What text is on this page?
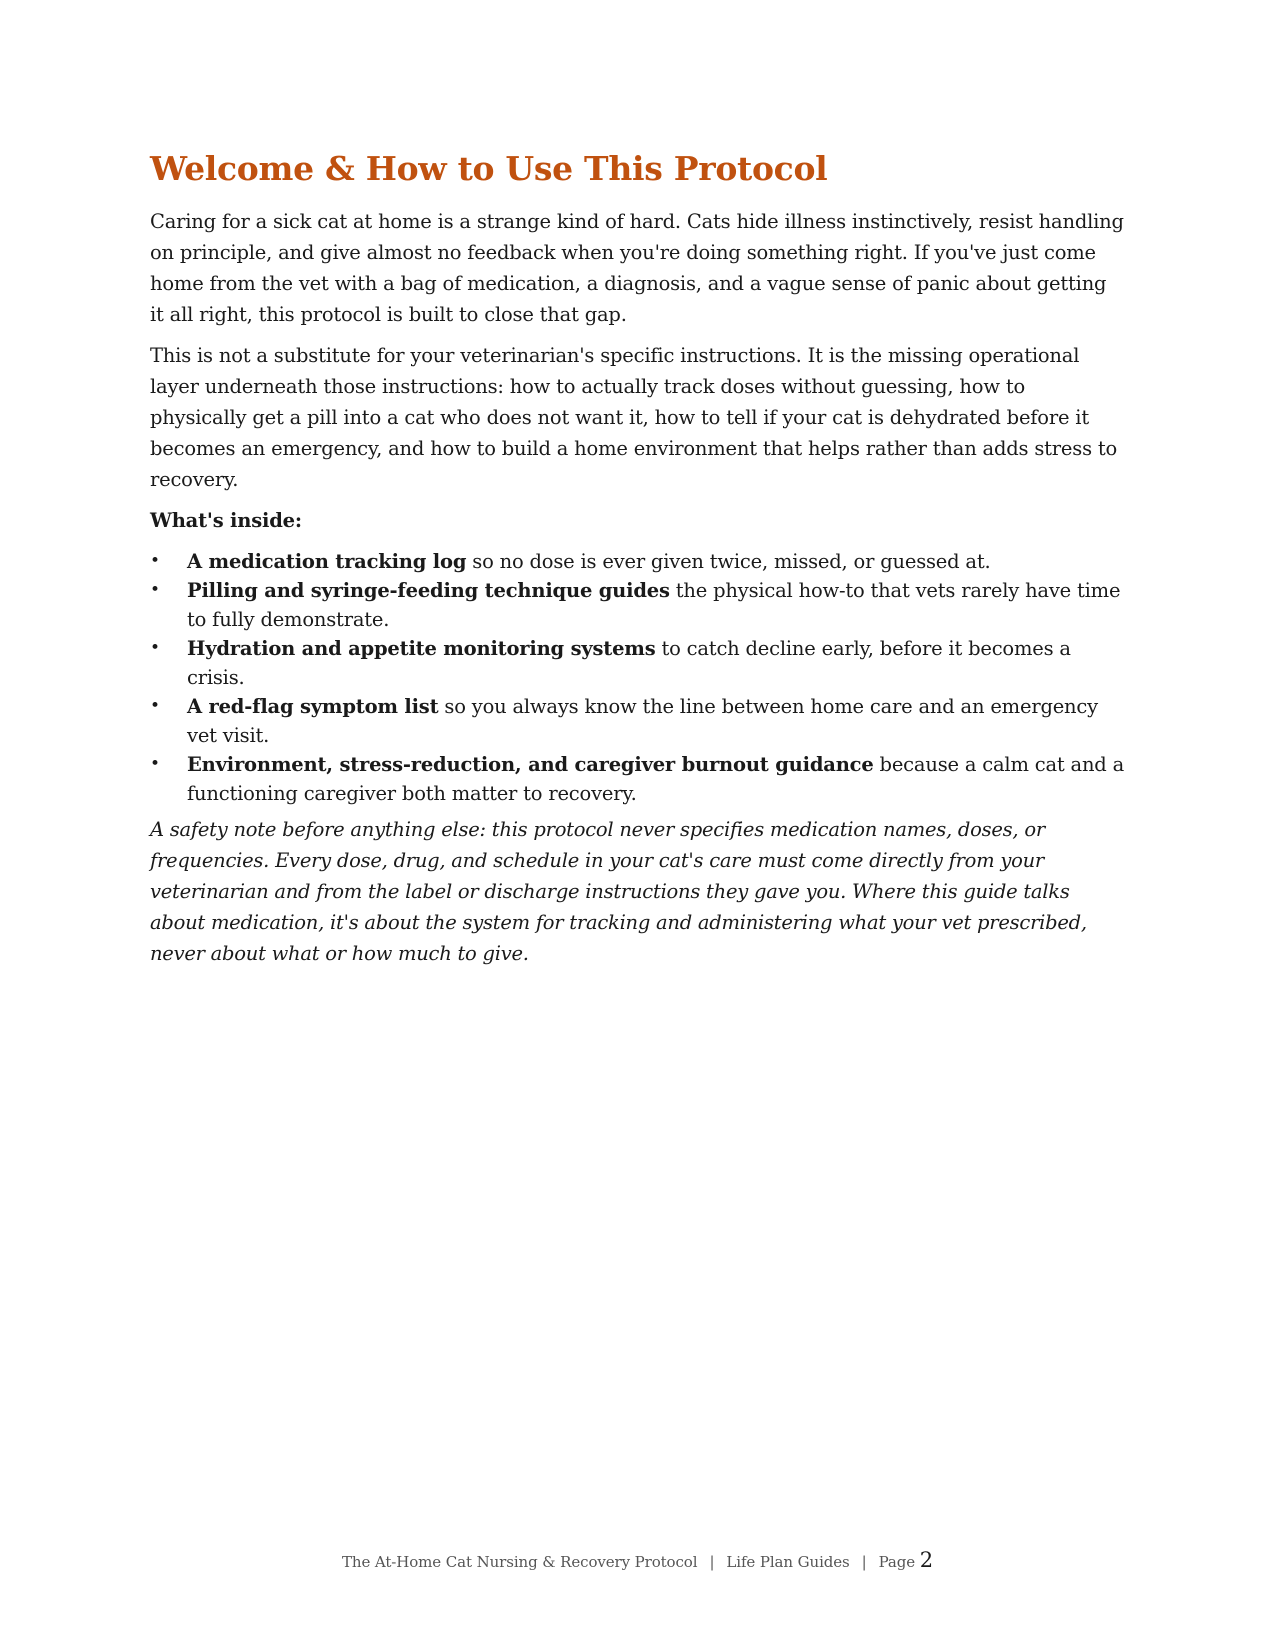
Welcome & How to Use This Protocol

Caring for a sick cat at home is a strange kind of hard. Cats hide illness instinctively, resist handling on principle, and give almost no feedback when you're doing something right. If you've just come home from the vet with a bag of medication, a diagnosis, and a vague sense of panic about getting it all right, this protocol is built to close that gap.

This is not a substitute for your veterinarian's specific instructions. It is the missing operational layer underneath those instructions: how to actually track doses without guessing, how to physically get a pill into a cat who does not want it, how to tell if your cat is dehydrated before it becomes an emergency, and how to build a home environment that helps rather than adds stress to recovery.

What's inside:

• A medication tracking log so no dose is ever given twice, missed, or guessed at.
• Pilling and syringe-feeding technique guides the physical how-to that vets rarely have time to fully demonstrate.
• Hydration and appetite monitoring systems to catch decline early, before it becomes a crisis.
• A red-flag symptom list so you always know the line between home care and an emergency vet visit.
• Environment, stress-reduction, and caregiver burnout guidance because a calm cat and a functioning caregiver both matter to recovery.

A safety note before anything else: this protocol never specifies medication names, doses, or frequencies. Every dose, drug, and schedule in your cat's care must come directly from your veterinarian and from the label or discharge instructions they gave you. Where this guide talks about medication, it's about the system for tracking and administering what your vet prescribed, never about what or how much to give.

The At-Home Cat Nursing & Recovery Protocol | Life Plan Guides | Page 2
